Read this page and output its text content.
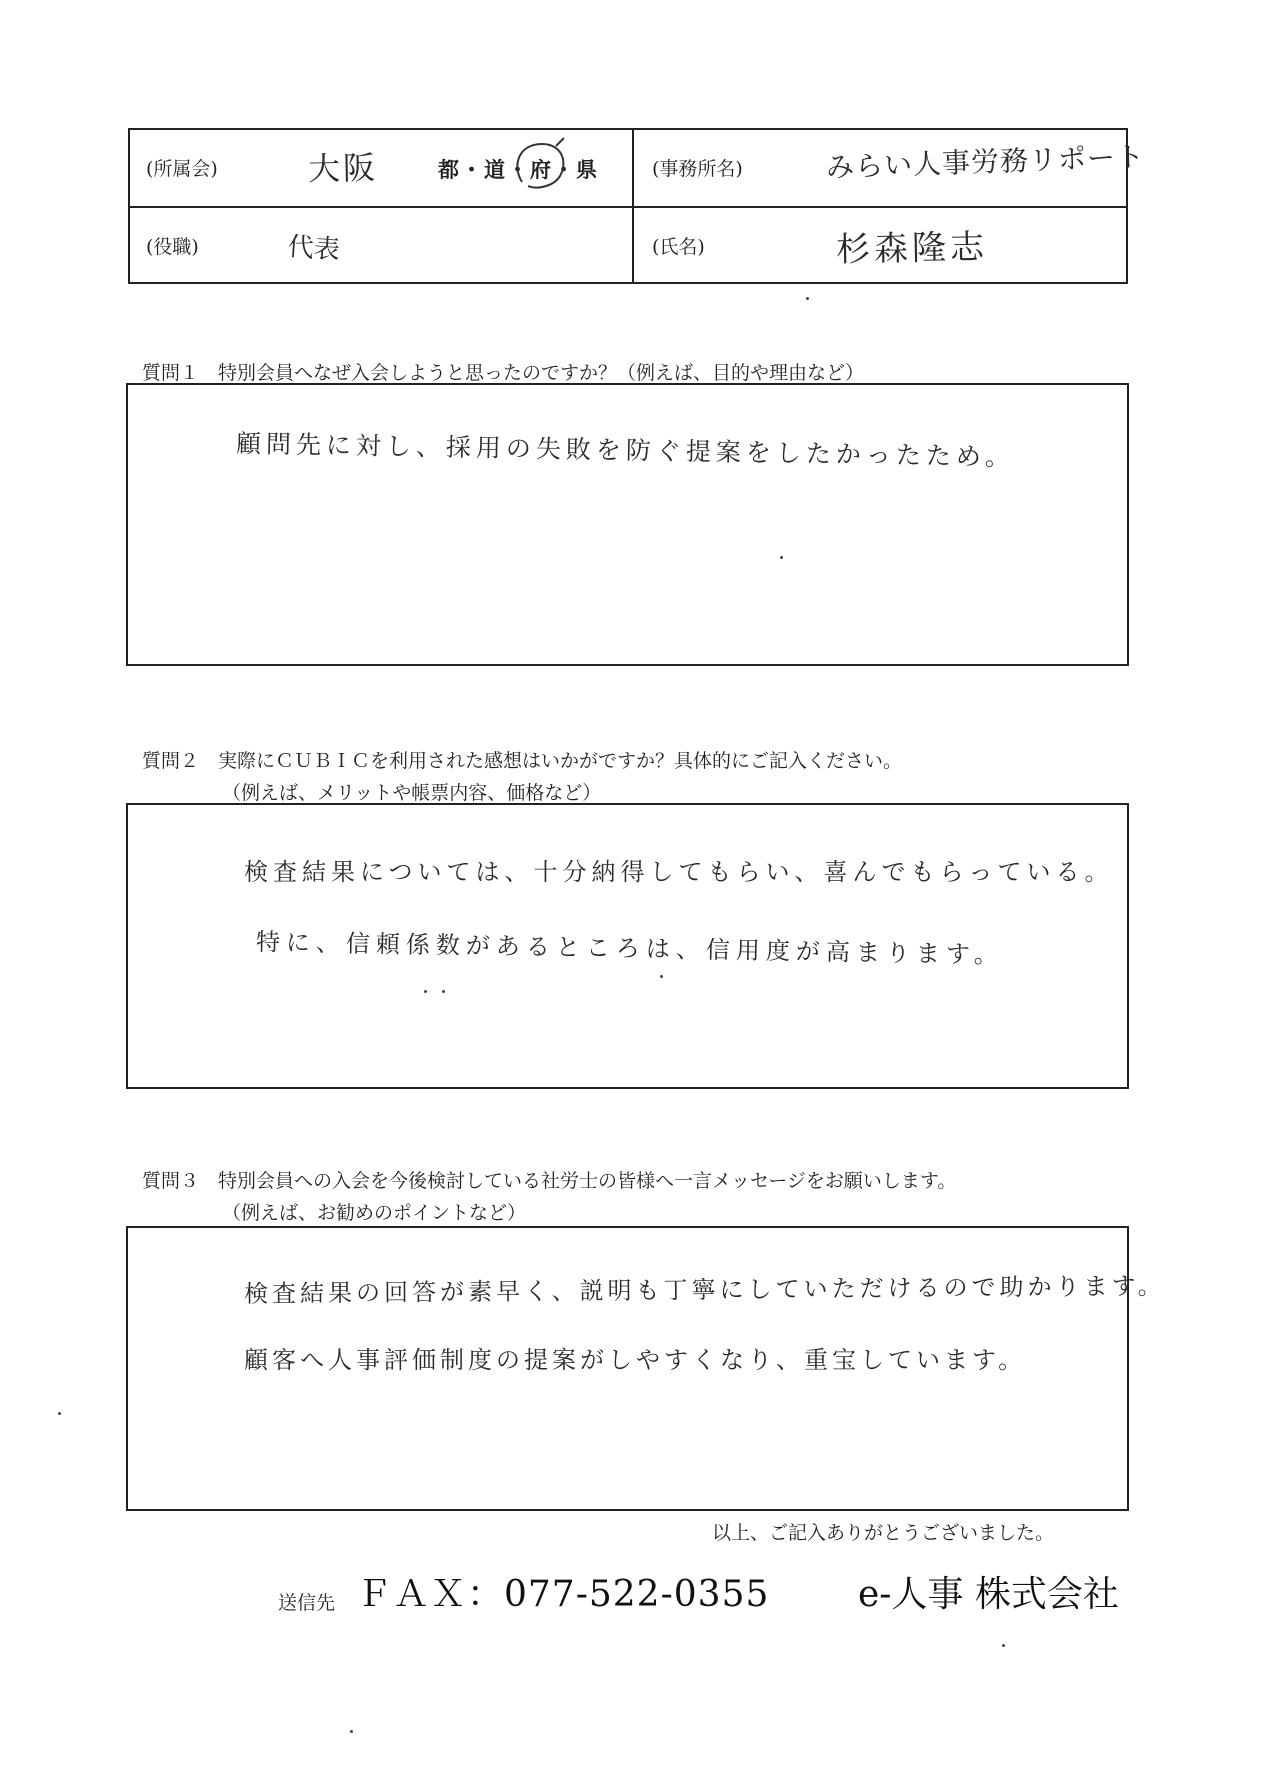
(所属会)	大阪	都・道・府・県	(事務所名)	みらい人事労務リポート
(役職)	代表	(氏名)	杉森隆志
質問１　特別会員へなぜ入会しようと思ったのですか？（例えば、目的や理由など）
顧問先に対し、採用の失敗を防ぐ提案をしたかったため。
質問２　実際にＣＵＢＩＣを利用された感想はいかがですか？具体的にご記入ください。
（例えば、メリットや帳票内容、価格など）
検査結果については、十分納得してもらい、喜んでもらっている。
特に、信頼係数があるところは、信用度が高まります。
質問３　特別会員への入会を今後検討している社労士の皆様へ一言メッセージをお願いします。
（例えば、お勧めのポイントなど）
検査結果の回答が素早く、説明も丁寧にしていただけるので助かります。
顧客へ人事評価制度の提案がしやすくなり、重宝しています。
以上、ご記入ありがとうございました。
送信先 ＦＡＸ：077-522-0355 e-人事 株式会社
